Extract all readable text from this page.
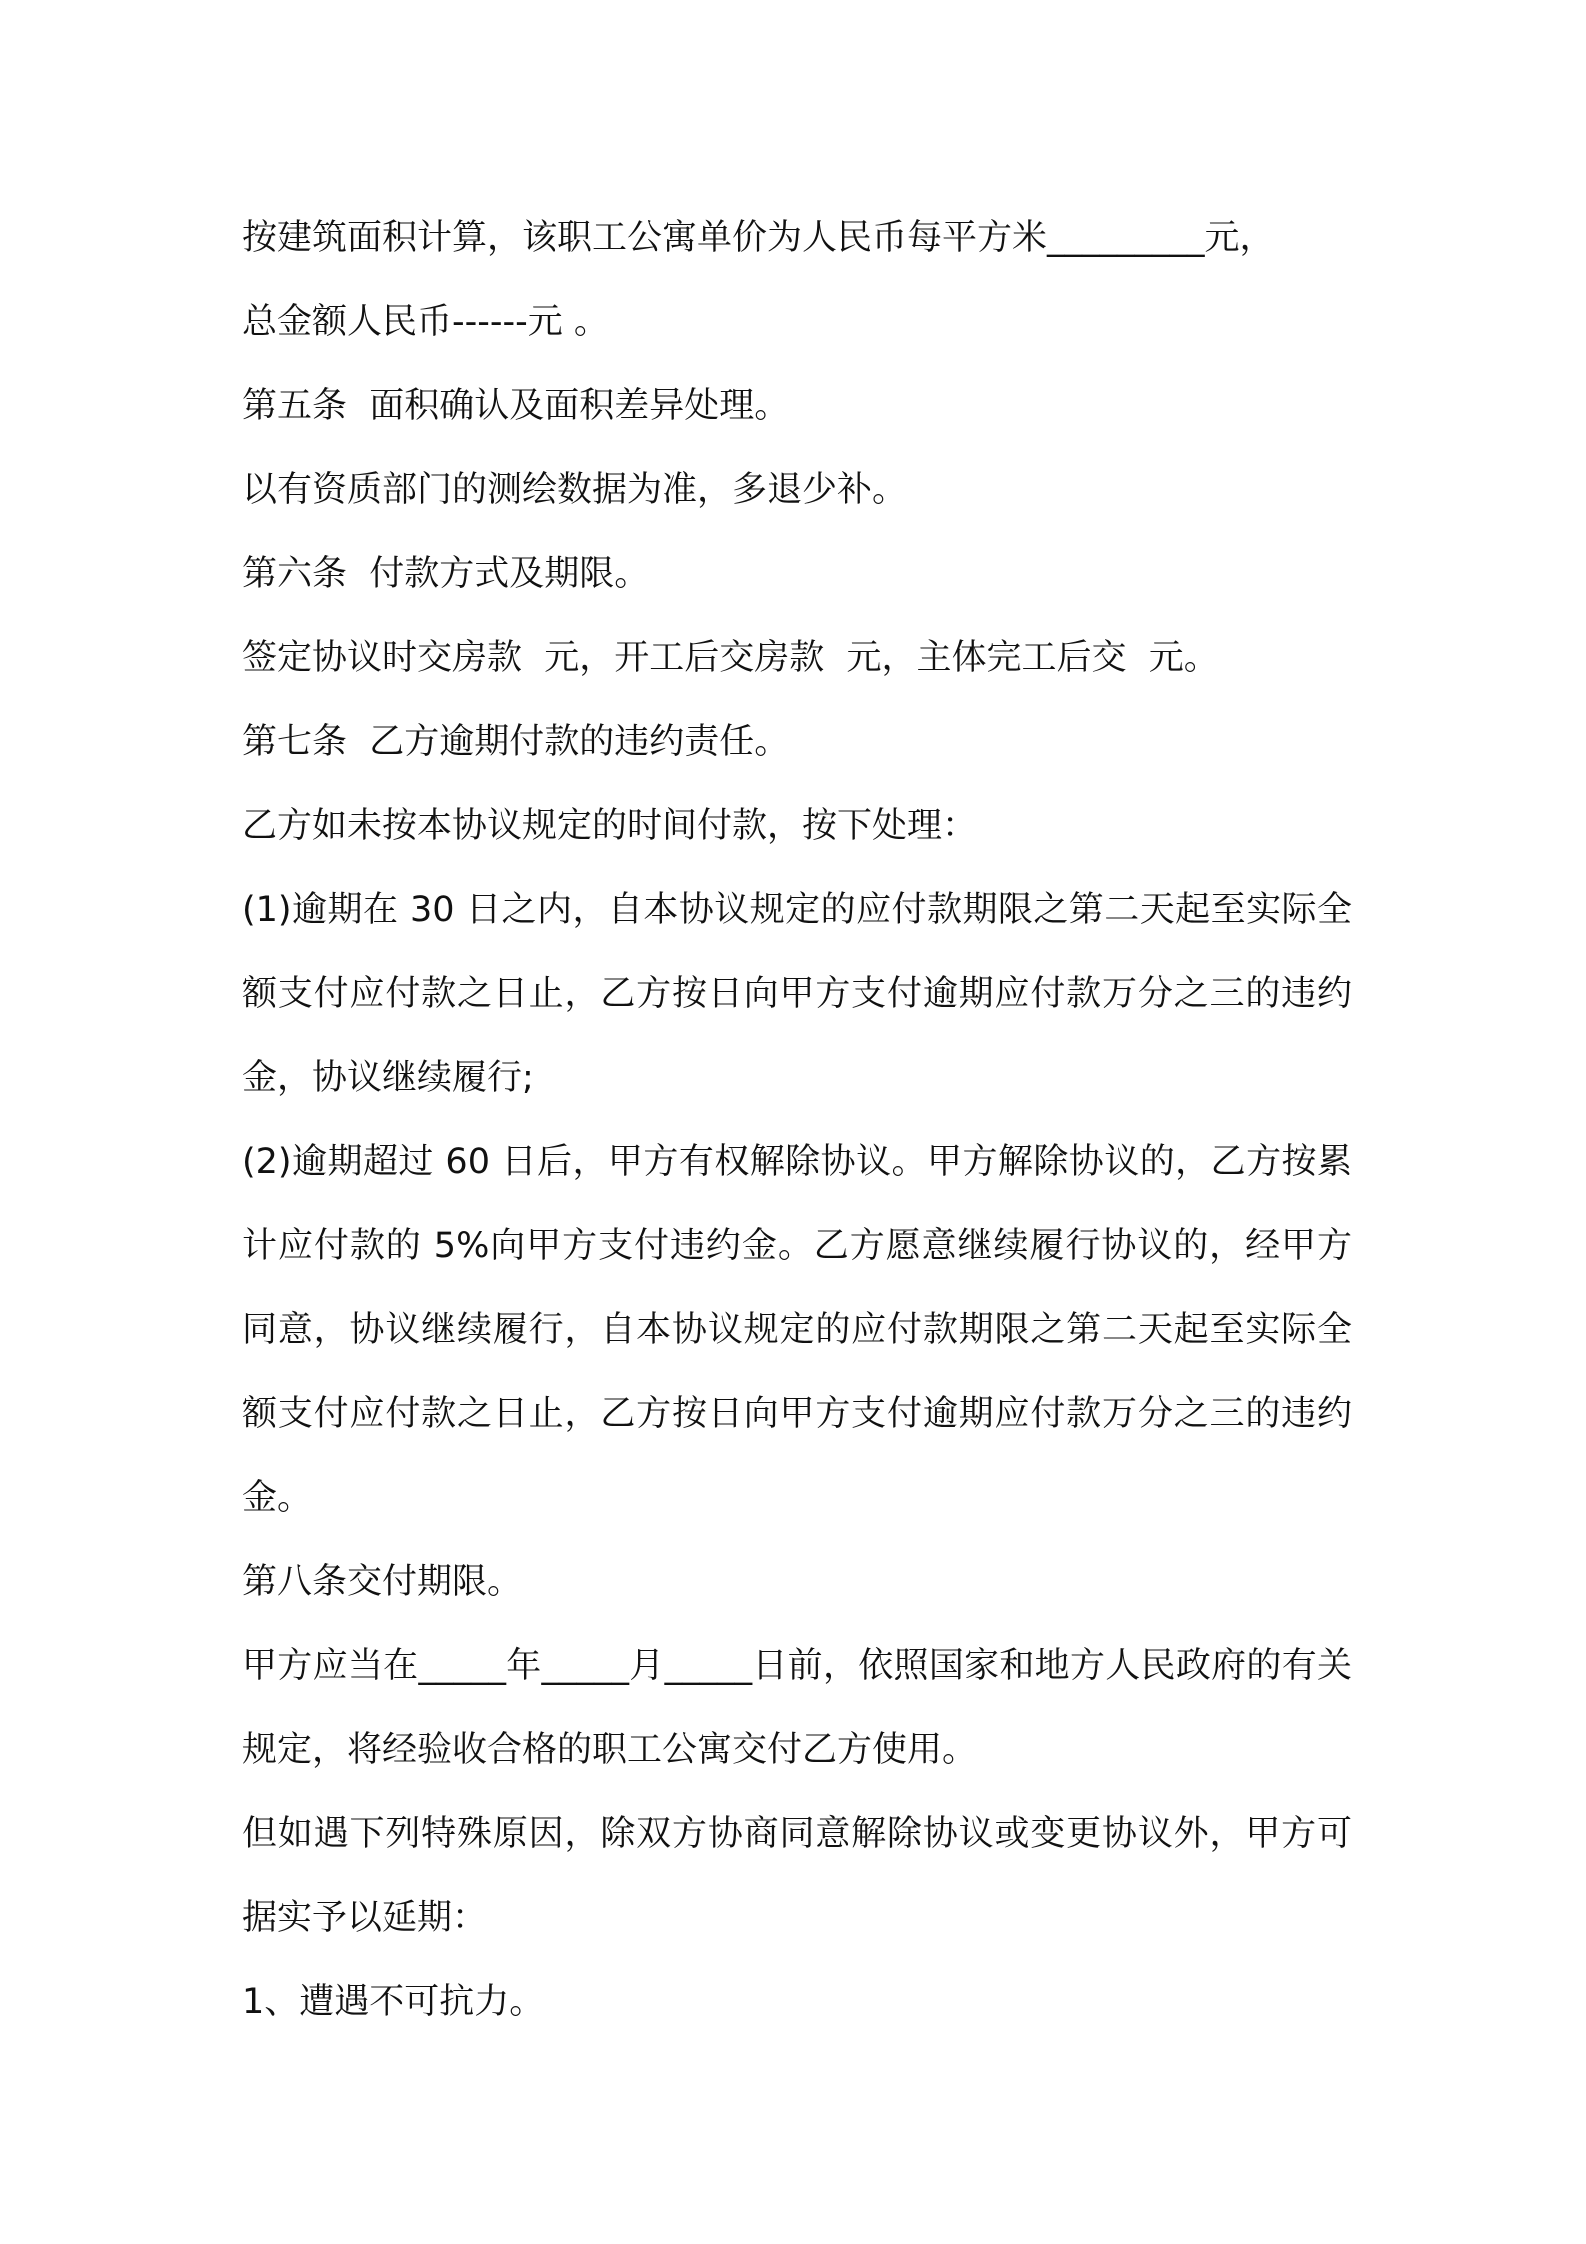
按建筑面积计算，该职工公寓单价为人民币每平方米_________元，

总金额人民币------元 。

第五条  面积确认及面积差异处理。

以有资质部门的测绘数据为准，多退少补。

第六条  付款方式及期限。

签定协议时交房款  元，开工后交房款  元，主体完工后交  元。

第七条  乙方逾期付款的违约责任。

乙方如未按本协议规定的时间付款，按下处理：

(1)逾期在 30 日之内，自本协议规定的应付款期限之第二天起至实际全额支付应付款之日止，乙方按日向甲方支付逾期应付款万分之三的违约金，协议继续履行;

(2)逾期超过 60 日后，甲方有权解除协议。甲方解除协议的，乙方按累计应付款的 5%向甲方支付违约金。乙方愿意继续履行协议的，经甲方同意，协议继续履行，自本协议规定的应付款期限之第二天起至实际全额支付应付款之日止，乙方按日向甲方支付逾期应付款万分之三的违约金。

第八条交付期限。

甲方应当在_____年_____月_____日前，依照国家和地方人民政府的有关规定，将经验收合格的职工公寓交付乙方使用。

但如遇下列特殊原因，除双方协商同意解除协议或变更协议外，甲方可据实予以延期：

1、遭遇不可抗力。
